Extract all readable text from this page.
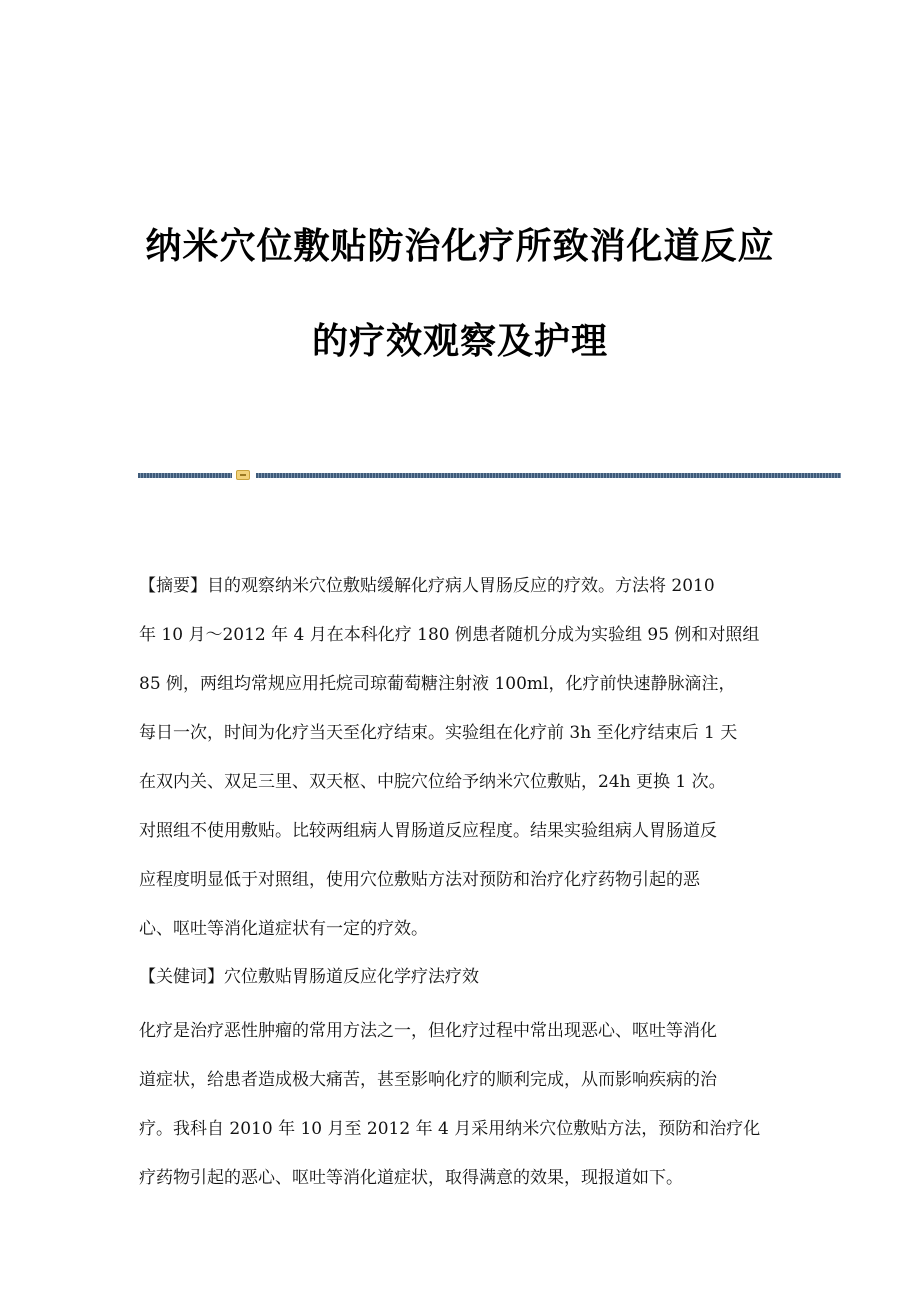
纳米穴位敷贴防治化疗所致消化道反应
的疗效观察及护理
【摘要】目的观察纳米穴位敷贴缓解化疗病人胃肠反应的疗效。方法将 2010
年 10 月～2012 年 4 月在本科化疗 180 例患者随机分成为实验组 95 例和对照组
85 例，两组均常规应用托烷司琼葡萄糖注射液 100ml，化疗前快速静脉滴注，
每日一次，时间为化疗当天至化疗结束。实验组在化疗前 3h 至化疗结束后 1 天
在双内关、双足三里、双天枢、中脘穴位给予纳米穴位敷贴，24h 更换 1 次。
对照组不使用敷贴。比较两组病人胃肠道反应程度。结果实验组病人胃肠道反
应程度明显低于对照组，使用穴位敷贴方法对预防和治疗化疗药物引起的恶
心、呕吐等消化道症状有一定的疗效。
【关健词】穴位敷贴胃肠道反应化学疗法疗效
化疗是治疗恶性肿瘤的常用方法之一，但化疗过程中常出现恶心、呕吐等消化
道症状，给患者造成极大痛苦，甚至影响化疗的顺利完成，从而影响疾病的治
疗。我科自 2010 年 10 月至 2012 年 4 月采用纳米穴位敷贴方法，预防和治疗化
疗药物引起的恶心、呕吐等消化道症状，取得满意的效果，现报道如下。
